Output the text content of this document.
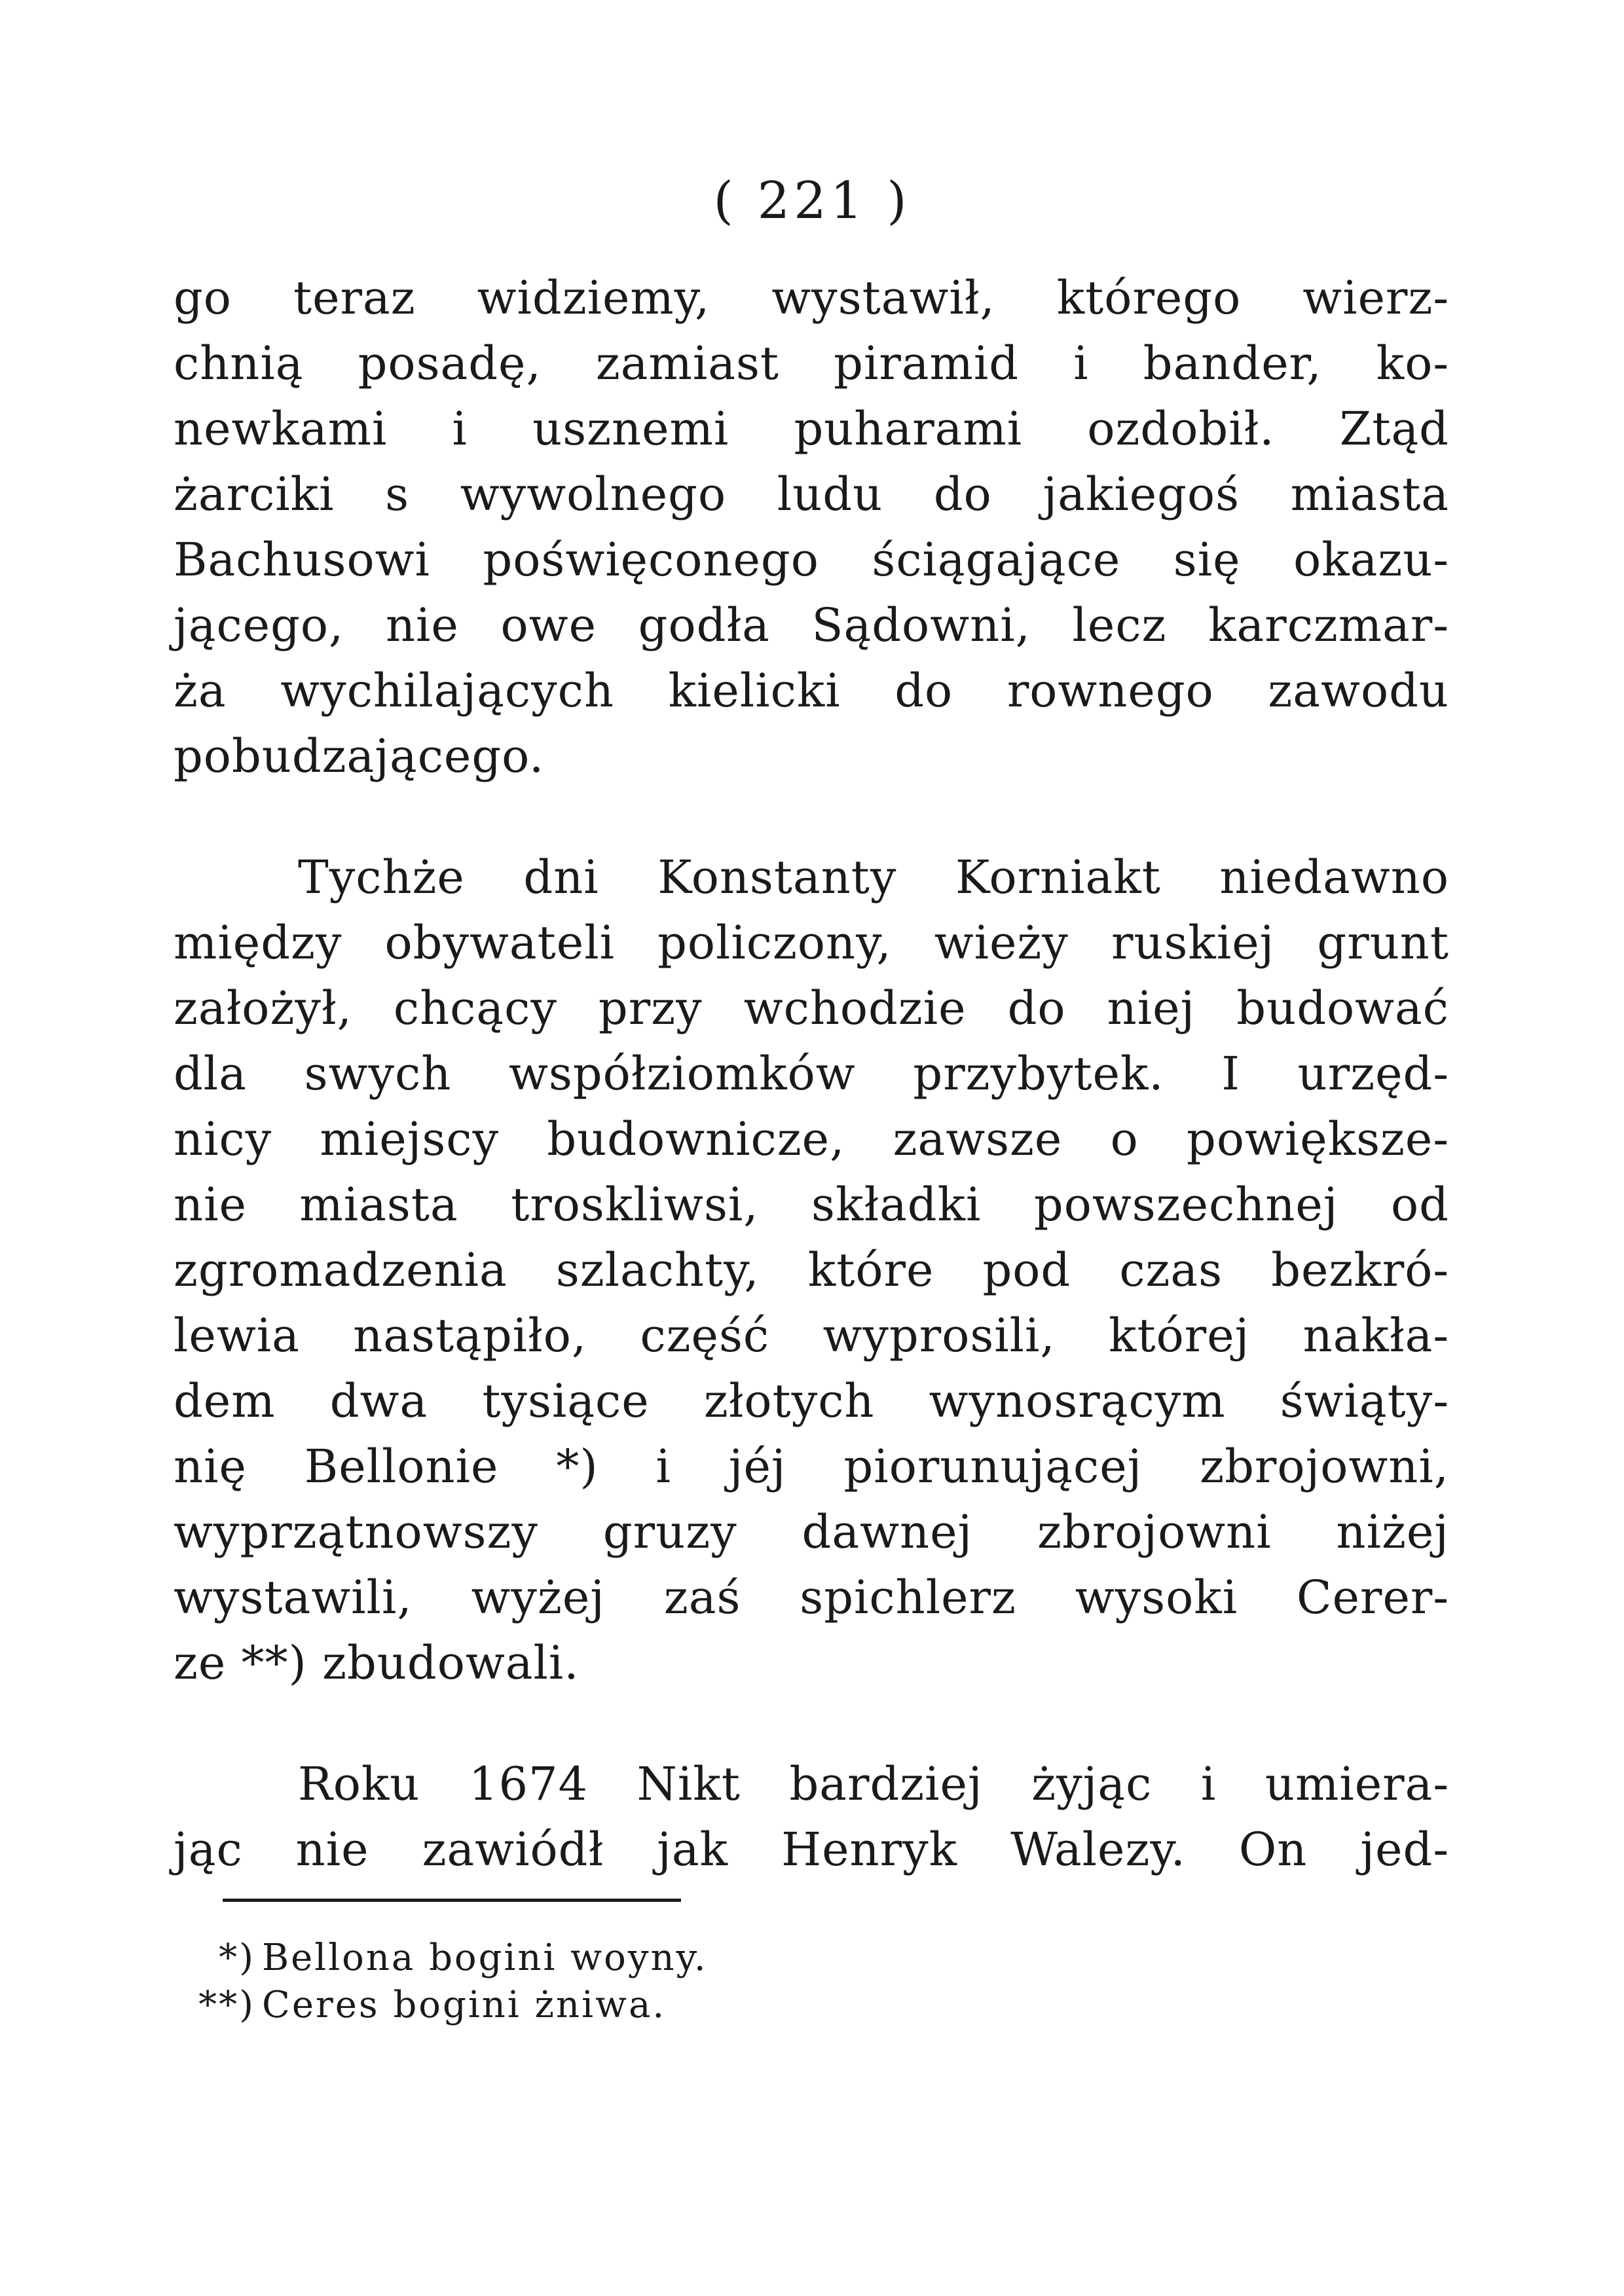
( 221 )
go teraz widziemy, wystawił, którego wierz-
chnią posadę, zamiast piramid i bander, ko-
newkami i usznemi puharami ozdobił. Ztąd
żarciki s wywolnego ludu do jakiegoś miasta
Bachusowi poświęconego ściągające się okazu-
jącego, nie owe godła Sądowni, lecz karczmar-
ża wychilających kielicki do rownego zawodu
pobudzającego.
Tychże dni Konstanty Korniakt niedawno
między obywateli policzony, wieży ruskiej grunt
założył, chcący przy wchodzie do niej budować
dla swych współziomków przybytek. I urzęd-
nicy miejscy budownicze, zawsze o powiększe-
nie miasta troskliwsi, składki powszechnej od
zgromadzenia szlachty, które pod czas bezkró-
lewia nastąpiło, część wyprosili, której nakła-
dem dwa tysiące złotych wynosrącym świąty-
nię Bellonie *) i jéj piorunującej zbrojowni,
wyprzątnowszy gruzy dawnej zbrojowni niżej
wystawili, wyżej zaś spichlerz wysoki Cerer-
ze **) zbudowali.
Roku 1674 Nikt bardziej żyjąc i umiera-
jąc nie zawiódł jak Henryk Walezy. On jed-
*) Bellona bogini woyny.
**) Ceres bogini żniwa.
